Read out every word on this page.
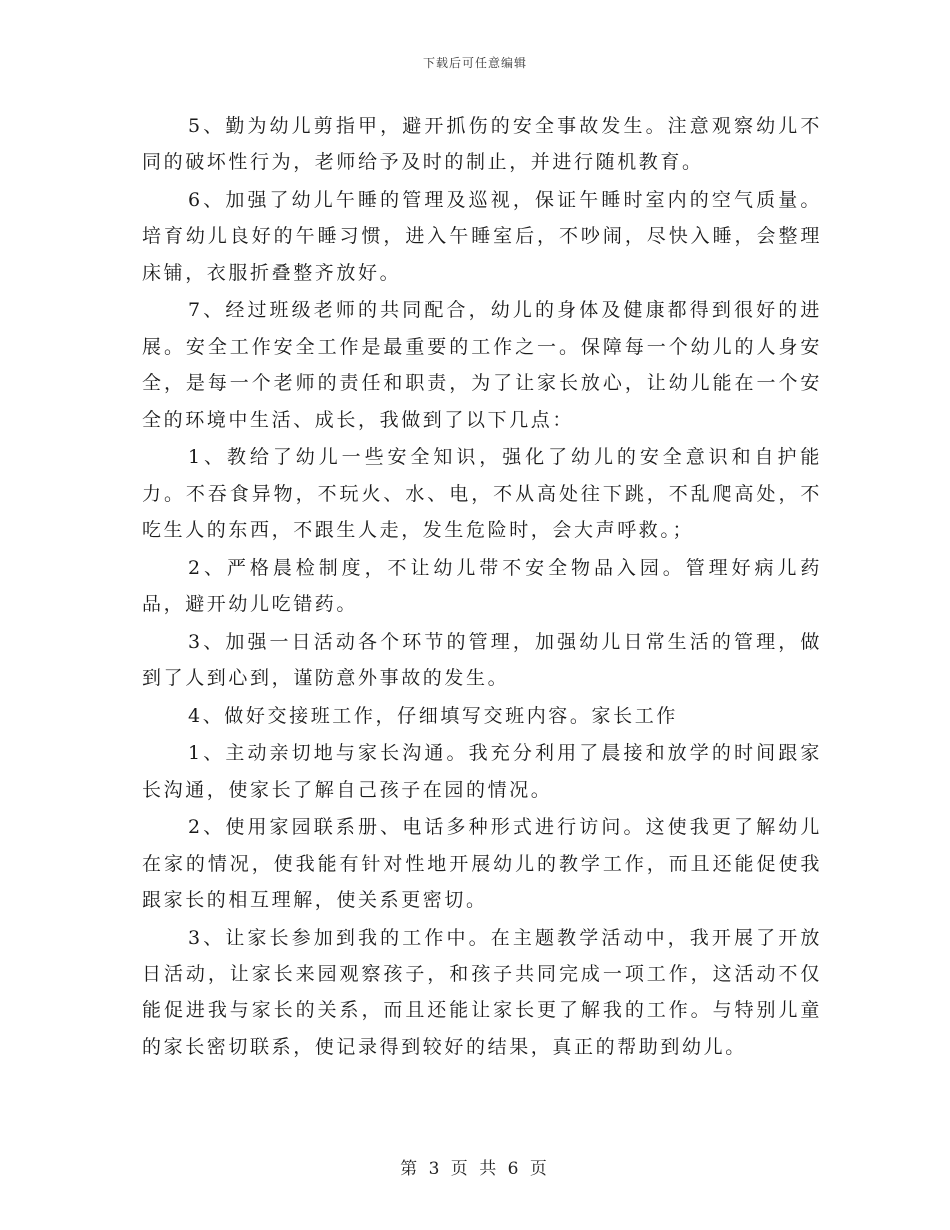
下载后可任意编辑

5、勤为幼儿剪指甲，避开抓伤的安全事故发生。注意观察幼儿不同的破坏性行为，老师给予及时的制止，并进行随机教育。

6、加强了幼儿午睡的管理及巡视，保证午睡时室内的空气质量。培育幼儿良好的午睡习惯，进入午睡室后，不吵闹，尽快入睡，会整理床铺，衣服折叠整齐放好。

7、经过班级老师的共同配合，幼儿的身体及健康都得到很好的进展。安全工作安全工作是最重要的工作之一。保障每一个幼儿的人身安全，是每一个老师的责任和职责，为了让家长放心，让幼儿能在一个安全的环境中生活、成长，我做到了以下几点：

1、教给了幼儿一些安全知识，强化了幼儿的安全意识和自护能力。不吞食异物，不玩火、水、电，不从高处往下跳，不乱爬高处，不吃生人的东西，不跟生人走，发生危险时，会大声呼救。；

2、严格晨检制度，不让幼儿带不安全物品入园。管理好病儿药品，避开幼儿吃错药。

3、加强一日活动各个环节的管理，加强幼儿日常生活的管理，做到了人到心到，谨防意外事故的发生。

4、做好交接班工作，仔细填写交班内容。家长工作

1、主动亲切地与家长沟通。我充分利用了晨接和放学的时间跟家长沟通，使家长了解自己孩子在园的情况。

2、使用家园联系册、电话多种形式进行访问。这使我更了解幼儿在家的情况，使我能有针对性地开展幼儿的教学工作，而且还能促使我跟家长的相互理解，使关系更密切。

3、让家长参加到我的工作中。在主题教学活动中，我开展了开放日活动，让家长来园观察孩子，和孩子共同完成一项工作，这活动不仅能促进我与家长的关系，而且还能让家长更了解我的工作。与特别儿童的家长密切联系，使记录得到较好的结果，真正的帮助到幼儿。

第 3 页 共 6 页
